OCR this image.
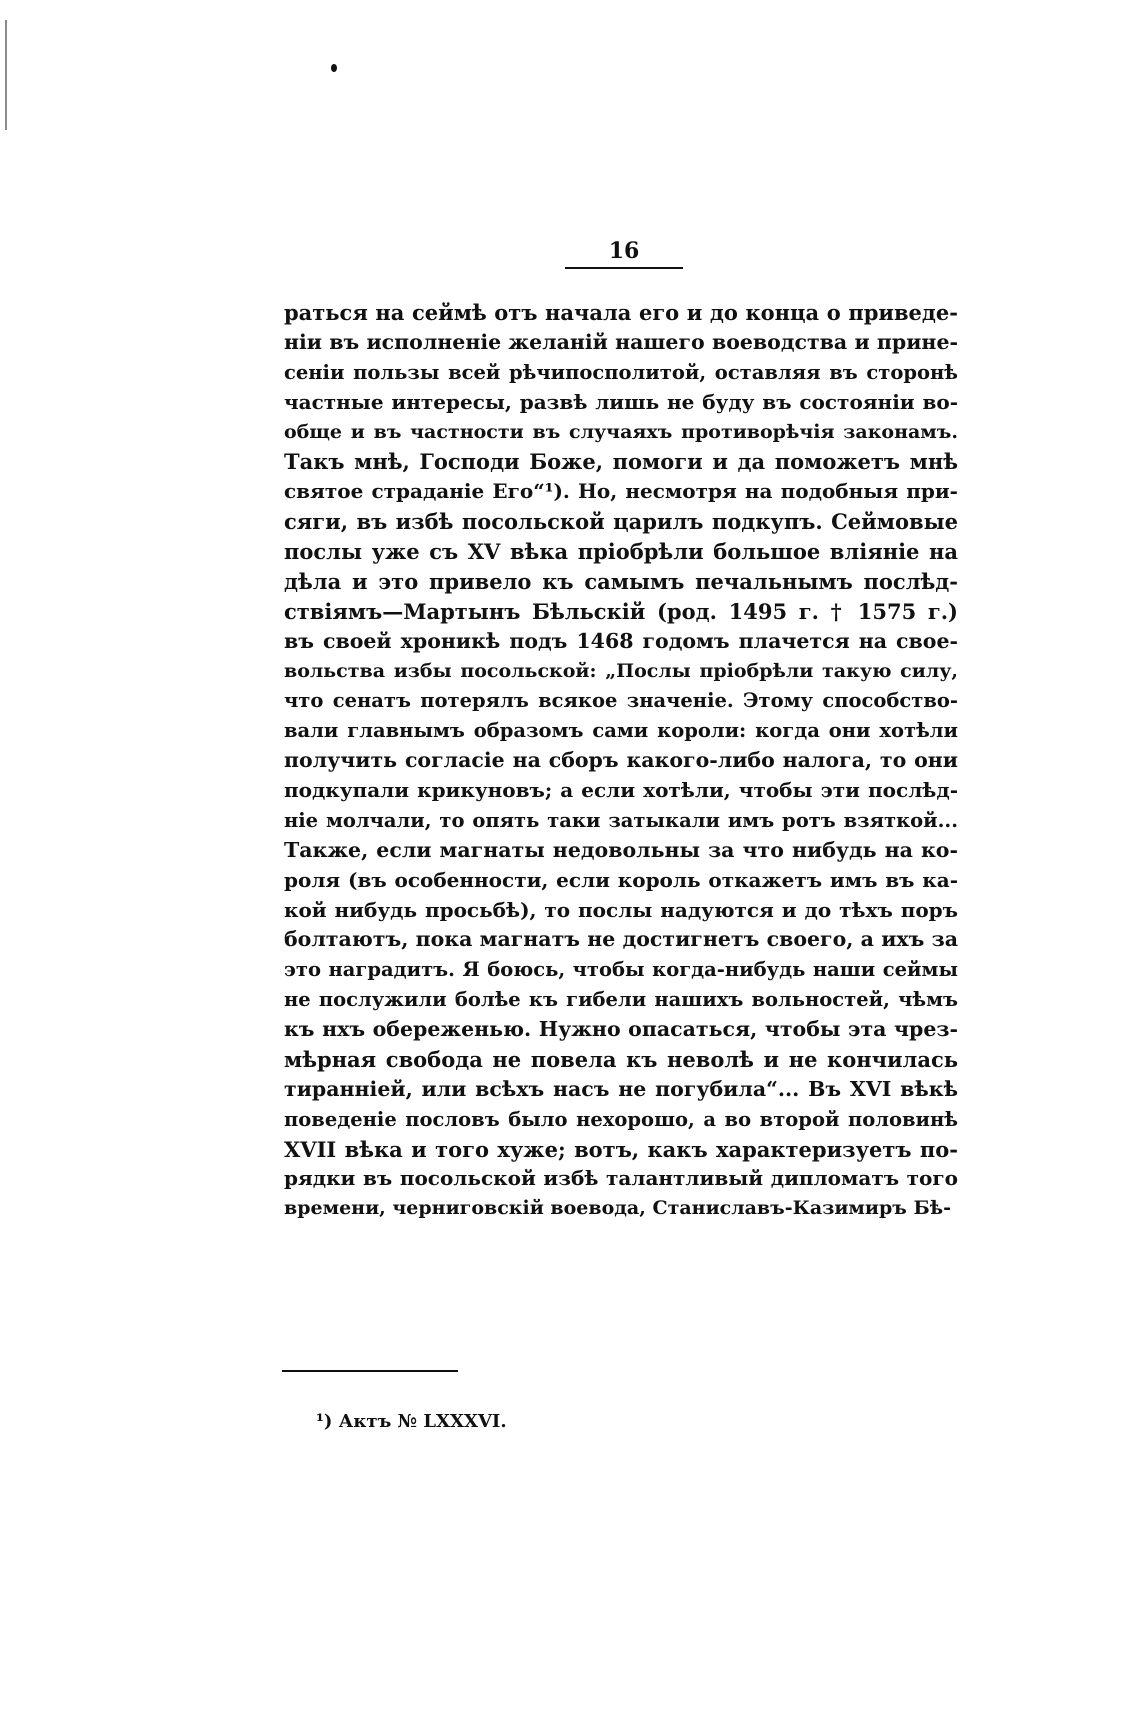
16
раться на сеймѣ отъ начала его и до конца о приведе-
ніи въ исполненіе желаній нашего воеводства и прине-
сеніи пользы всей рѣчипосполитой, оставляя въ сторонѣ
частные интересы, развѣ лишь не буду въ состояніи во-
обще и въ частности въ случаяхъ противорѣчія законамъ.
Такъ мнѣ, Господи Боже, помоги и да поможетъ мнѣ
святое страданіе Его“¹). Но, несмотря на подобныя при-
сяги, въ избѣ посольской царилъ подкупъ. Сеймовые
послы уже съ XV вѣка пріобрѣли большое вліяніе на
дѣла и это привело къ самымъ печальнымъ послѣд-
ствіямъ—Мартынъ Бѣльскій (род. 1495 г. † 1575 г.)
въ своей хроникѣ подъ 1468 годомъ плачется на свое-
вольства избы посольской: „Послы пріобрѣли такую силу,
что сенатъ потерялъ всякое значеніе. Этому способство-
вали главнымъ образомъ сами короли: когда они хотѣли
получить согласіе на сборъ какого-либо налога, то они
подкупали крикуновъ; а если хотѣли, чтобы эти послѣд-
ніе молчали, то опять таки затыкали имъ ротъ взяткой...
Также, если магнаты недовольны за что нибудь на ко-
роля (въ особенности, если король откажетъ имъ въ ка-
кой нибудь просьбѣ), то послы надуются и до тѣхъ поръ
болтаютъ, пока магнатъ не достигнетъ своего, а ихъ за
это наградитъ. Я боюсь, чтобы когда-нибудь наши сеймы
не послужили болѣе къ гибели нашихъ вольностей, чѣмъ
къ нхъ обереженью. Нужно опасаться, чтобы эта чрез-
мѣрная свобода не повела къ неволѣ и не кончилась
тираннiей, или всѣхъ насъ не погубила“... Въ XVI вѣкѣ
поведеніе пословъ было нехорошо, а во второй половинѣ
XVII вѣка и того хуже; вотъ, какъ характеризуетъ по-
рядки въ посольской избѣ талантливый дипломатъ того
времени, черниговскій воевода, Станиславъ-Казимиръ Бѣ-
¹) Актъ № LXXXVI.
